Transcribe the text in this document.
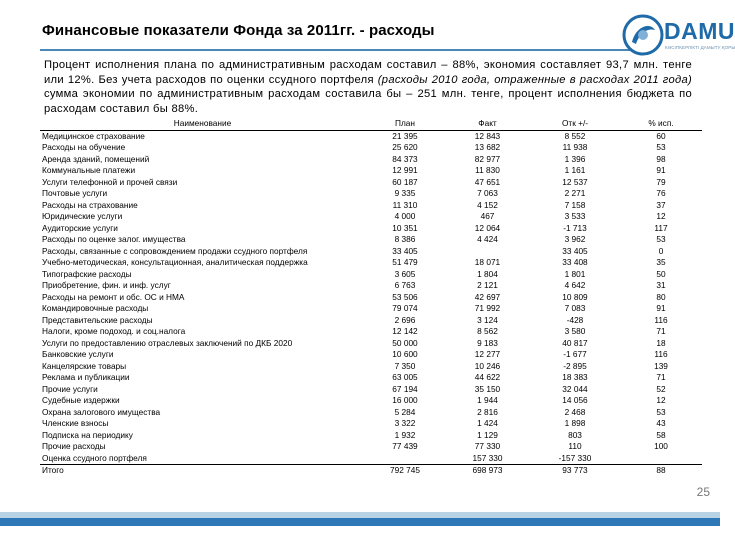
Финансовые показатели Фонда за 2011гг. - расходы	DAMU
КӘСІПКЕРЛІКТІ ДАМЫТУ ҚОРЫ
Процент исполнения плана по административным расходам составил – 88%, экономия составляет 93,7 млн. тенге или 12%. Без учета расходов по оценки ссудного портфеля (расходы 2010 года, отраженные в расходах 2011 года) сумма экономии по административным расходам составила бы – 251 млн. тенге, процент исполнения бюджета по расходам составил бы 88%.
Наименование	План	Факт	Отк +/-	% исп.
Медицинское страхование	21 395	12 843	8 552	60
Расходы на обучение	25 620	13 682	11 938	53
Аренда зданий, помещений	84 373	82 977	1 396	98
Коммунальные платежи	12 991	11 830	1 161	91
Услуги телефонной и прочей связи	60 187	47 651	12 537	79
Почтовые услуги	9 335	7 063	2 271	76
Расходы на страхование	11 310	4 152	7 158	37
Юридические услуги	4 000	467	3 533	12
Аудиторские услуги	10 351	12 064	-1 713	117
Расходы по оценке залог. имущества	8 386	4 424	3 962	53
Расходы, связанные с сопровождением продажи ссудного портфеля	33 405		33 405	0
Учебно-методическая, консультационная, аналитическая поддержка	51 479	18 071	33 408	35
Типографские расходы	3 605	1 804	1 801	50
Приобретение, фин. и инф. услуг	6 763	2 121	4 642	31
Расходы на ремонт и обс. ОС и НМА	53 506	42 697	10 809	80
Командировочные расходы	79 074	71 992	7 083	91
Представительские расходы	2 696	3 124	-428	116
Налоги, кроме подоход. и соц.налога	12 142	8 562	3 580	71
Услуги по предоставлению отраслевых заключений по ДКБ 2020	50 000	9 183	40 817	18
Банковские услуги	10 600	12 277	-1 677	116
Канцелярские товары	7 350	10 246	-2 895	139
Реклама и публикации	63 005	44 622	18 383	71
Прочие услуги	67 194	35 150	32 044	52
Судебные издержки	16 000	1 944	14 056	12
Охрана залогового имущества	5 284	2 816	2 468	53
Членские взносы	3 322	1 424	1 898	43
Подписка на периодику	1 932	1 129	803	58
Прочие расходы	77 439	77 330	110	100
Оценка ссудного портфеля		157 330	-157 330	
Итого	792 745	698 973	93 773	88
25
